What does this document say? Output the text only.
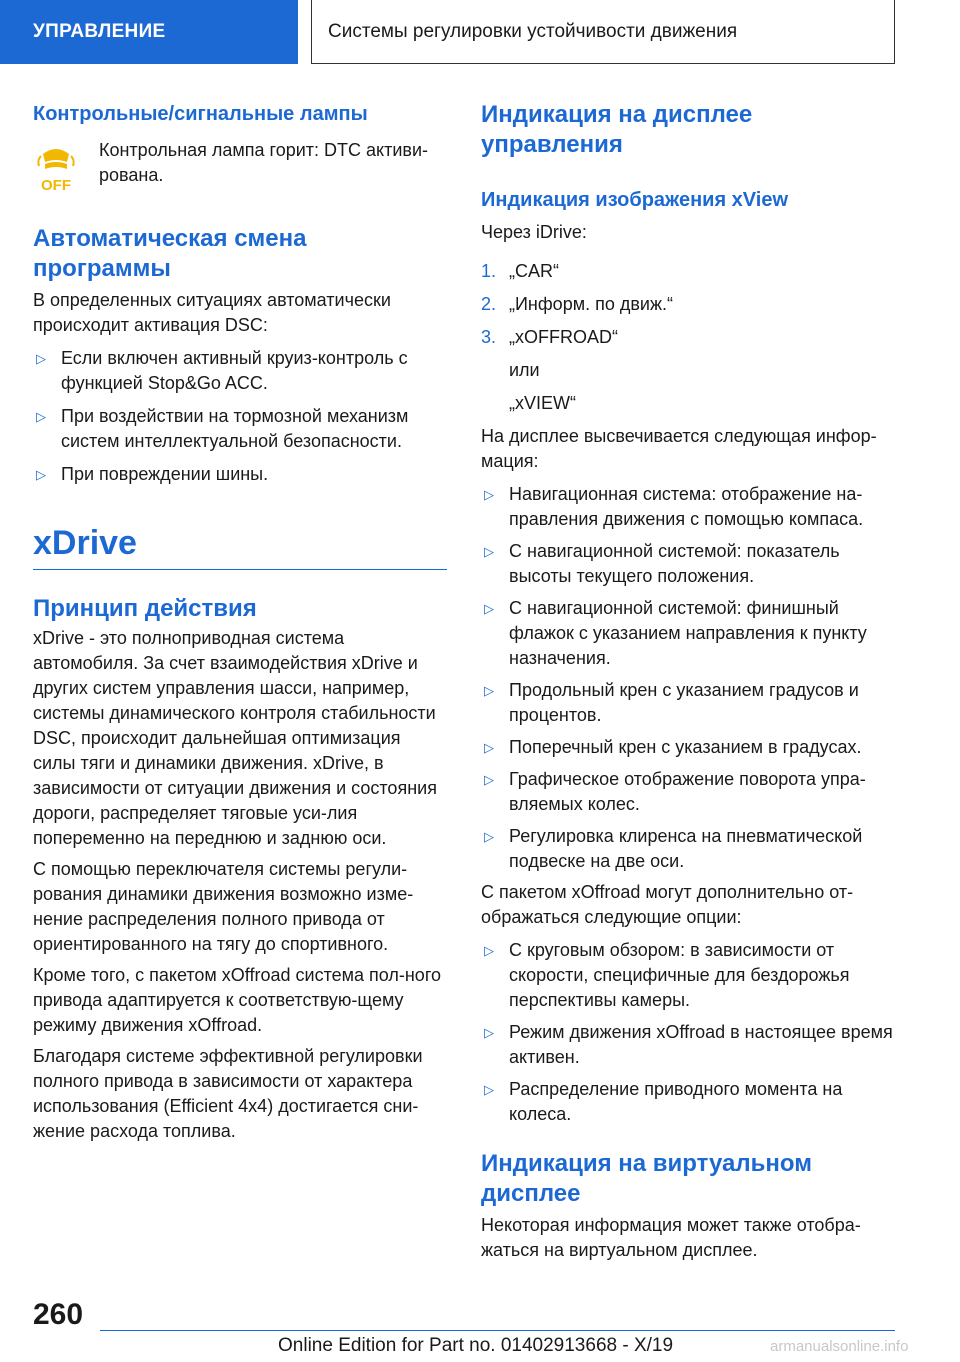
УПРАВЛЕНИЕ	Системы регулировки устойчивости движения
Контрольные/сигнальные лампы
OFF

Контрольная лампа горит: DTC активи-рована.

Автоматическая смена
программы

В определенных ситуациях автоматически происходит активация DSC:

▷ Если включен активный круиз-контроль с функцией Stop&Go ACC.
▷ При воздействии на тормозной механизм систем интеллектуальной безопасности.
▷ При повреждении шины.
xDrive
Принцип действия

xDrive - это полноприводная система автомобиля. За счет взаимодействия xDrive и других систем управления шасси, например, системы динамического контроля стабильности DSC, происходит дальнейшая оптимизация силы тяги и динамики движения. xDrive, в зависимости от ситуации движения и состояния дороги, распределяет тяговые уси-лия попеременно на переднюю и заднюю оси.

С помощью переключателя системы регули-рования динамики движения возможно изме-нение распределения полного привода от ориентированного на тягу до спортивного.

Кроме того, с пакетом xOffroad система пол-ного привода адаптируется к соответствую-щему режиму движения xOffroad.

Благодаря системе эффективной регулировки полного привода в зависимости от характера использования (Efficient 4x4) достигается сни-жение расхода топлива.

Индикация на дисплее
управления
Индикация изображения xView

Через iDrive:

1. „CAR“
2. „Информ. по движ.“
3. „xOFFROAD“
или
„xVIEW“

На дисплее высвечивается следующая инфор-мация:

▷ Навигационная система: отображение на-правления движения с помощью компаса.
▷ С навигационной системой: показатель высоты текущего положения.
▷ С навигационной системой: финишный флажок с указанием направления к пункту назначения.
▷ Продольный крен с указанием градусов и процентов.
▷ Поперечный крен с указанием в градусах.
▷ Графическое отображение поворота упра-вляемых колес.
▷ Регулировка клиренса на пневматической подвеске на две оси.

С пакетом xOffroad могут дополнительно от-ображаться следующие опции:

▷ С круговым обзором: в зависимости от скорости, специфичные для бездорожья перспективы камеры.
▷ Режим движения xOffroad в настоящее время активен.
▷ Распределение приводного момента на колеса.
Индикация на виртуальном
дисплее

Некоторая информация может также отобра-жаться на виртуальном дисплее.

260
Online Edition for Part no. 01402913668 - X/19	armanualsonline.info
